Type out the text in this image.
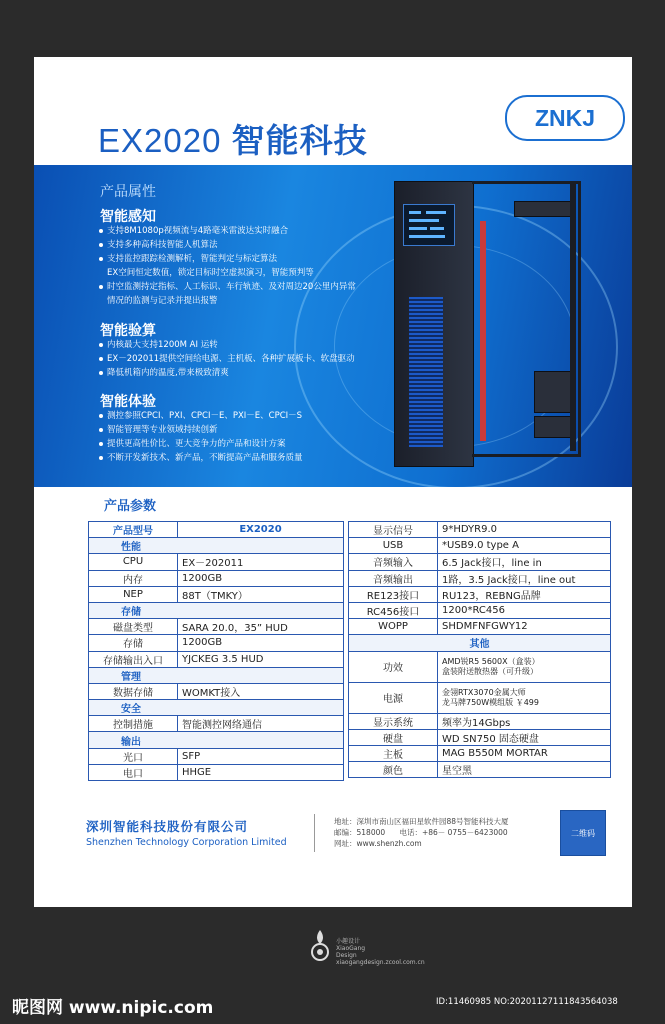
EX2020 智能科技
ZNKJ
产品属性
智能感知
支持8M1080p视频流与4路毫米雷波达实时融合
支持多种高科技智能人机算法
支持监控跟踪检测解析，智能判定与标定算法
EX空间恒定数值，锁定目标时空虚拟演习，智能预判等
时空监测持定指标、人工标识、车行轨迹、及对周边20公里内异常
情况的监测与记录并提出报警
智能验算
内核最大支持1200M AI 运转
EX－202011提供空间给电源、主机板、各种扩展板卡、软盘驱动
降低机箱内的温度,带来极致清爽
智能体验
测控参照CPCI、PXI、CPCI－E、PXI－E、CPCI－S
智能管理等专业领域持续创新
提供更高性价比、更大竞争力的产品和设计方案
不断开发新技术、新产品，不断提高产品和服务质量
产品参数
产品型号	EX2020
性能	
CPU	EX－202011
内存	1200GB
NEP	88T（TMKY）
存储	
磁盘类型	SARA 20.0，35” HUD
存储	1200GB
存储输出入口	YJCKEG 3.5 HUD
管理	
数据存储	WOMKT接入
安全	
控制措施	智能测控网络通信
输出	
光口	SFP
电口	HHGE
显示信号	9*HDYR9.0
USB	*USB9.0 type A
音频输入	6.5 Jack接口，line in
音频输出	1路，3.5 Jack接口，line out
RE123接口	RU123，REBNG品牌
RC456接口	1200*RC456
WOPP	SHDMFNFGWY12
其他	
功效	AMD锐R5 5600X（盒装）
盒装附送散热器（可升级）

电源	金翎RTX3070金属大师
龙马牌750W模组版 ￥499

显示系统	频率为14Gbps
硬盘	WD SN750 固态硬盘
主板	MAG B550M MORTAR
颜色	星空黑
深圳智能科技股份有限公司
Shenzhen Technology Corporation Limited
地址：深圳市南山区福田星软件园88号智能科技大厦
邮编：518000 电话：+86－ 0755－6423000
网址：www.shenzh.com
二维码
小趣设计
XiaoGang
Design
xiaogangdesign.zcool.com.cn
昵图网 www.nipic.com	ID:11460985 NO:20201127111843564038
